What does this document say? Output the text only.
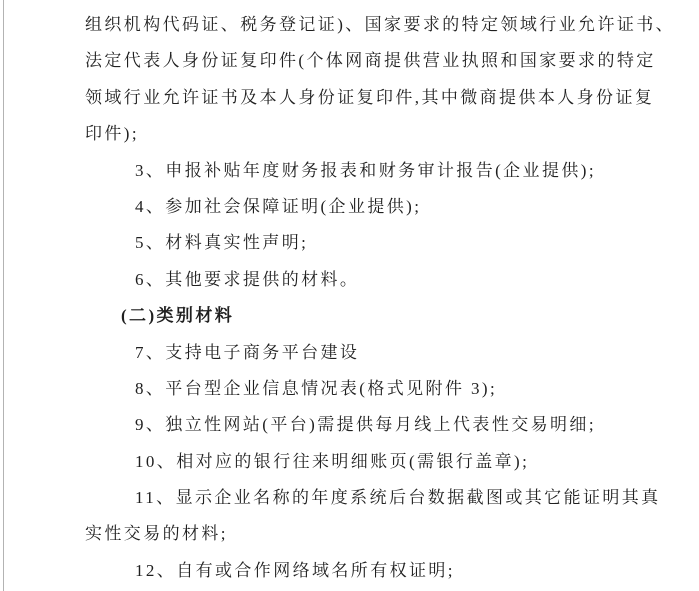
组织机构代码证、税务登记证)、国家要求的特定领域行业允许证书、
法定代表人身份证复印件(个体网商提供营业执照和国家要求的特定
领域行业允许证书及本人身份证复印件,其中微商提供本人身份证复
印件);
3、申报补贴年度财务报表和财务审计报告(企业提供);
4、参加社会保障证明(企业提供);
5、材料真实性声明;
6、其他要求提供的材料。
(二)类别材料
7、支持电子商务平台建设
8、平台型企业信息情况表(格式见附件 3);
9、独立性网站(平台)需提供每月线上代表性交易明细;
10、相对应的银行往来明细账页(需银行盖章);
11、显示企业名称的年度系统后台数据截图或其它能证明其真
实性交易的材料;
12、自有或合作网络域名所有权证明;
